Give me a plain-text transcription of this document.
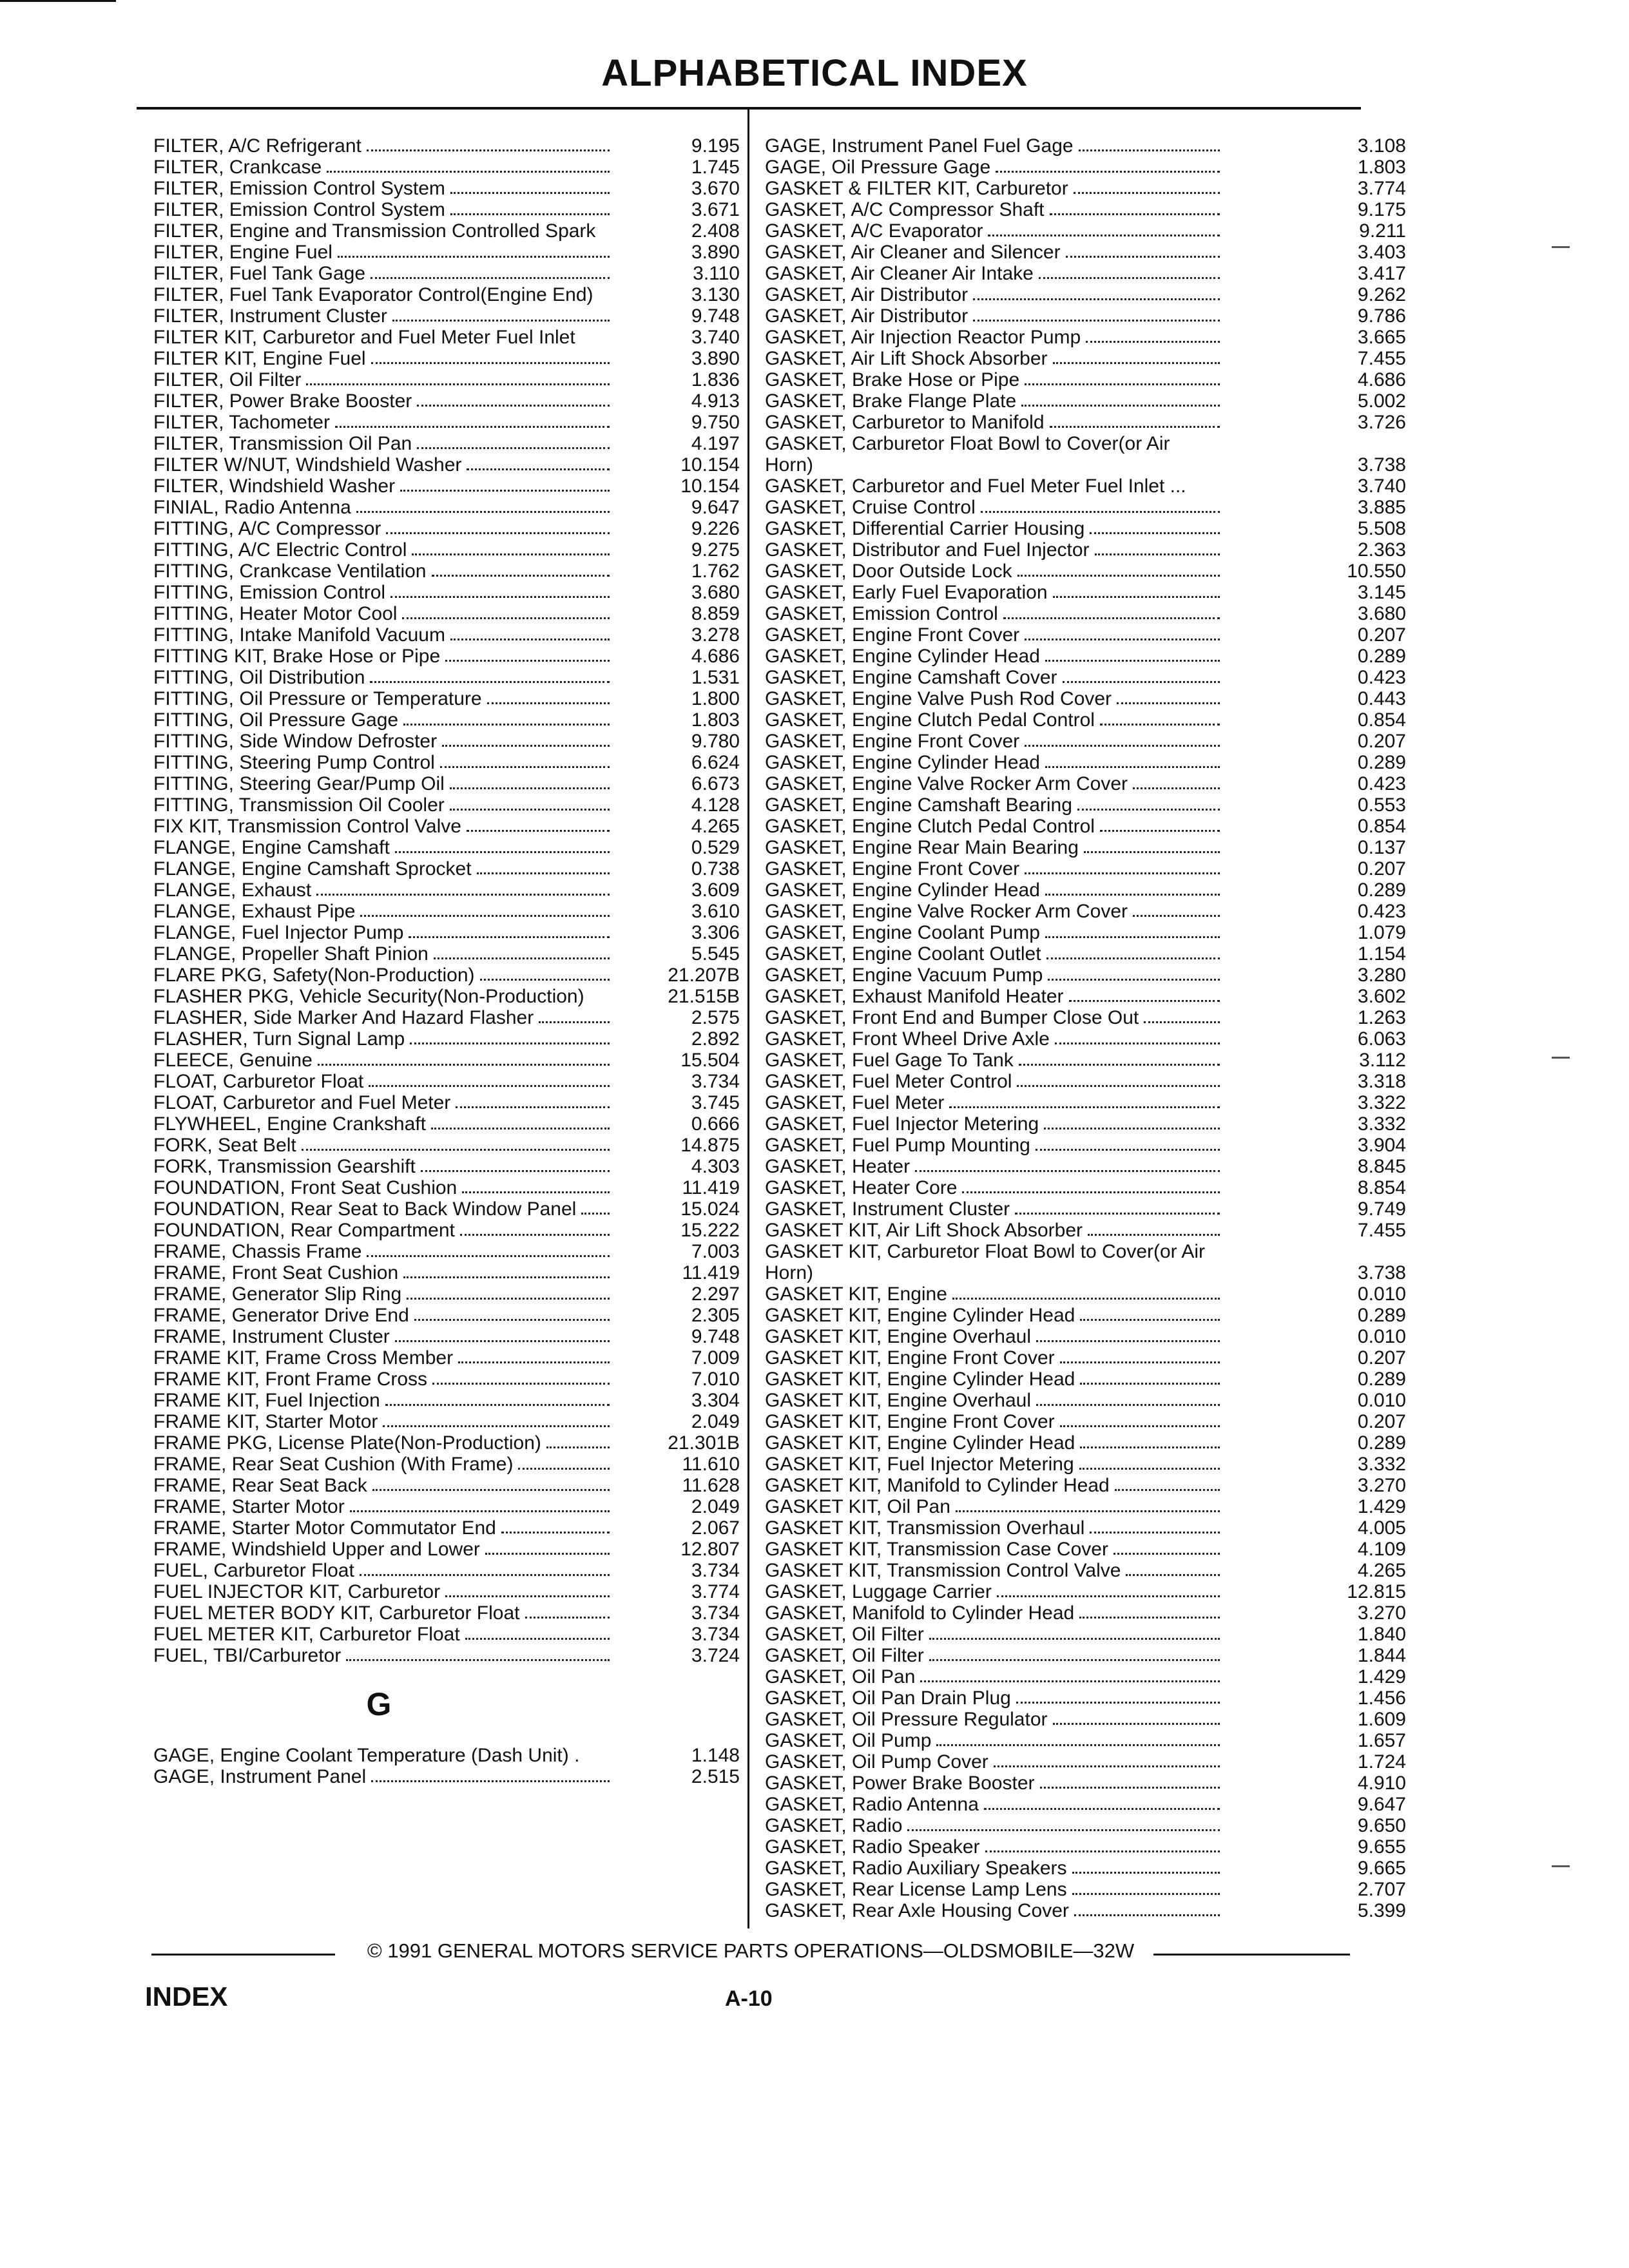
ALPHABETICAL INDEX
FILTER, A/C Refrigerant	9.195
FILTER, Crankcase	1.745
FILTER, Emission Control System	3.670
FILTER, Emission Control System	3.671
FILTER, Engine and Transmission Controlled Spark	2.408
FILTER, Engine Fuel	3.890
FILTER, Fuel Tank Gage	3.110
FILTER, Fuel Tank Evaporator Control(Engine End)	3.130
FILTER, Instrument Cluster	9.748
FILTER KIT, Carburetor and Fuel Meter Fuel Inlet	3.740
FILTER KIT, Engine Fuel	3.890
FILTER, Oil Filter	1.836
FILTER, Power Brake Booster	4.913
FILTER, Tachometer	9.750
FILTER, Transmission Oil Pan	4.197
FILTER W/NUT, Windshield Washer	10.154
FILTER, Windshield Washer	10.154
FINIAL, Radio Antenna	9.647
FITTING, A/C Compressor	9.226
FITTING, A/C Electric Control	9.275
FITTING, Crankcase Ventilation	1.762
FITTING, Emission Control	3.680
FITTING, Heater Motor Cool	8.859
FITTING, Intake Manifold Vacuum	3.278
FITTING KIT, Brake Hose or Pipe	4.686
FITTING, Oil Distribution	1.531
FITTING, Oil Pressure or Temperature	1.800
FITTING, Oil Pressure Gage	1.803
FITTING, Side Window Defroster	9.780
FITTING, Steering Pump Control	6.624
FITTING, Steering Gear/Pump Oil	6.673
FITTING, Transmission Oil Cooler	4.128
FIX KIT, Transmission Control Valve	4.265
FLANGE, Engine Camshaft	0.529
FLANGE, Engine Camshaft Sprocket	0.738
FLANGE, Exhaust	3.609
FLANGE, Exhaust Pipe	3.610
FLANGE, Fuel Injector Pump	3.306
FLANGE, Propeller Shaft Pinion	5.545
FLARE PKG, Safety(Non-Production)	21.207B
FLASHER PKG, Vehicle Security(Non-Production)	21.515B
FLASHER, Side Marker And Hazard Flasher	2.575
FLASHER, Turn Signal Lamp	2.892
FLEECE, Genuine	15.504
FLOAT, Carburetor Float	3.734
FLOAT, Carburetor and Fuel Meter	3.745
FLYWHEEL, Engine Crankshaft	0.666
FORK, Seat Belt	14.875
FORK, Transmission Gearshift	4.303
FOUNDATION, Front Seat Cushion	11.419
FOUNDATION, Rear Seat to Back Window Panel	15.024
FOUNDATION, Rear Compartment	15.222
FRAME, Chassis Frame	7.003
FRAME, Front Seat Cushion	11.419
FRAME, Generator Slip Ring	2.297
FRAME, Generator Drive End	2.305
FRAME, Instrument Cluster	9.748
FRAME KIT, Frame Cross Member	7.009
FRAME KIT, Front Frame Cross	7.010
FRAME KIT, Fuel Injection	3.304
FRAME KIT, Starter Motor	2.049
FRAME PKG, License Plate(Non-Production)	21.301B
FRAME, Rear Seat Cushion (With Frame)	11.610
FRAME, Rear Seat Back	11.628
FRAME, Starter Motor	2.049
FRAME, Starter Motor Commutator End	2.067
FRAME, Windshield Upper and Lower	12.807
FUEL, Carburetor Float	3.734
FUEL INJECTOR KIT, Carburetor	3.774
FUEL METER BODY KIT, Carburetor Float	3.734
FUEL METER KIT, Carburetor Float	3.734
FUEL, TBI/Carburetor	3.724
G
GAGE, Engine Coolant Temperature (Dash Unit) .	1.148
GAGE, Instrument Panel	2.515
GAGE, Instrument Panel Fuel Gage	3.108
GAGE, Oil Pressure Gage	1.803
GASKET & FILTER KIT, Carburetor	3.774
GASKET, A/C Compressor Shaft	9.175
GASKET, A/C Evaporator	9.211
GASKET, Air Cleaner and Silencer	3.403
GASKET, Air Cleaner Air Intake	3.417
GASKET, Air Distributor	9.262
GASKET, Air Distributor	9.786
GASKET, Air Injection Reactor Pump	3.665
GASKET, Air Lift Shock Absorber	7.455
GASKET, Brake Hose or Pipe	4.686
GASKET, Brake Flange Plate	5.002
GASKET, Carburetor to Manifold	3.726
GASKET, Carburetor Float Bowl to Cover(or Air Horn)	3.738
GASKET, Carburetor and Fuel Meter Fuel Inlet ...	3.740
GASKET, Cruise Control	3.885
GASKET, Differential Carrier Housing	5.508
GASKET, Distributor and Fuel Injector	2.363
GASKET, Door Outside Lock	10.550
GASKET, Early Fuel Evaporation	3.145
GASKET, Emission Control	3.680
GASKET, Engine Front Cover	0.207
GASKET, Engine Cylinder Head	0.289
GASKET, Engine Camshaft Cover	0.423
GASKET, Engine Valve Push Rod Cover	0.443
GASKET, Engine Clutch Pedal Control	0.854
GASKET, Engine Front Cover	0.207
GASKET, Engine Cylinder Head	0.289
GASKET, Engine Valve Rocker Arm Cover	0.423
GASKET, Engine Camshaft Bearing	0.553
GASKET, Engine Clutch Pedal Control	0.854
GASKET, Engine Rear Main Bearing	0.137
GASKET, Engine Front Cover	0.207
GASKET, Engine Cylinder Head	0.289
GASKET, Engine Valve Rocker Arm Cover	0.423
GASKET, Engine Coolant Pump	1.079
GASKET, Engine Coolant Outlet	1.154
GASKET, Engine Vacuum Pump	3.280
GASKET, Exhaust Manifold Heater	3.602
GASKET, Front End and Bumper Close Out	1.263
GASKET, Front Wheel Drive Axle	6.063
GASKET, Fuel Gage To Tank	3.112
GASKET, Fuel Meter Control	3.318
GASKET, Fuel Meter	3.322
GASKET, Fuel Injector Metering	3.332
GASKET, Fuel Pump Mounting	3.904
GASKET, Heater	8.845
GASKET, Heater Core	8.854
GASKET, Instrument Cluster	9.749
GASKET KIT, Air Lift Shock Absorber	7.455
GASKET KIT, Carburetor Float Bowl to Cover(or Air Horn)	3.738
GASKET KIT, Engine	0.010
GASKET KIT, Engine Cylinder Head	0.289
GASKET KIT, Engine Overhaul	0.010
GASKET KIT, Engine Front Cover	0.207
GASKET KIT, Engine Cylinder Head	0.289
GASKET KIT, Engine Overhaul	0.010
GASKET KIT, Engine Front Cover	0.207
GASKET KIT, Engine Cylinder Head	0.289
GASKET KIT, Fuel Injector Metering	3.332
GASKET KIT, Manifold to Cylinder Head	3.270
GASKET KIT, Oil Pan	1.429
GASKET KIT, Transmission Overhaul	4.005
GASKET KIT, Transmission Case Cover	4.109
GASKET KIT, Transmission Control Valve	4.265
GASKET, Luggage Carrier	12.815
GASKET, Manifold to Cylinder Head	3.270
GASKET, Oil Filter	1.840
GASKET, Oil Filter	1.844
GASKET, Oil Pan	1.429
GASKET, Oil Pan Drain Plug	1.456
GASKET, Oil Pressure Regulator	1.609
GASKET, Oil Pump	1.657
GASKET, Oil Pump Cover	1.724
GASKET, Power Brake Booster	4.910
GASKET, Radio Antenna	9.647
GASKET, Radio	9.650
GASKET, Radio Speaker	9.655
GASKET, Radio Auxiliary Speakers	9.665
GASKET, Rear License Lamp Lens	2.707
GASKET, Rear Axle Housing Cover	5.399
© 1991 GENERAL MOTORS SERVICE PARTS OPERATIONS—OLDSMOBILE—32W
INDEX	A-10
